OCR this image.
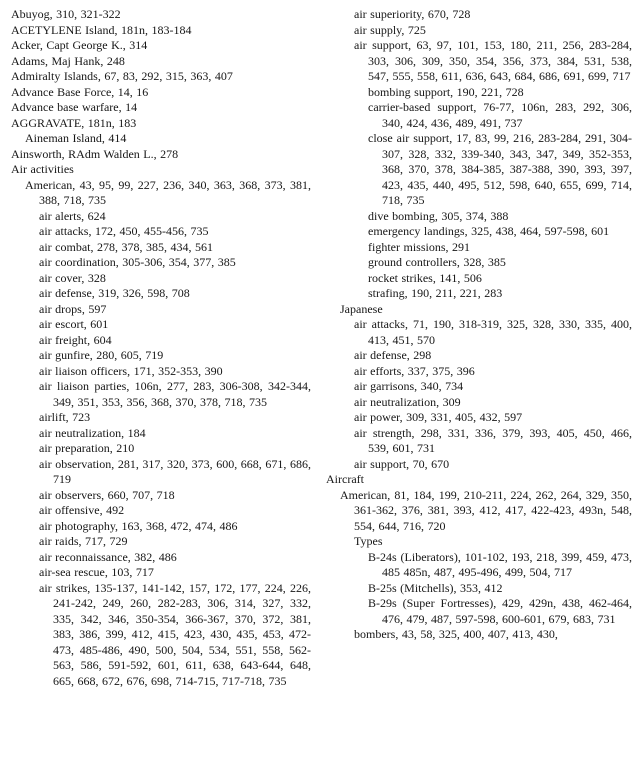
Abuyog, 310, 321-322
ACETYLENE Island, 181n, 183-184
Acker, Capt George K., 314
Adams, Maj Hank, 248
Admiralty Islands, 67, 83, 292, 315, 363, 407
Advance Base Force, 14, 16
Advance base warfare, 14
AGGRAVATE, 181n, 183
Aineman Island, 414
Ainsworth, RAdm Walden L., 278
Air activities
American, 43, 95, 99, 227, 236, 340, 363, 368, 373, 381, 388, 718, 735
air alerts, 624
air attacks, 172, 450, 455-456, 735
air combat, 278, 378, 385, 434, 561
air coordination, 305-306, 354, 377, 385
air cover, 328
air defense, 319, 326, 598, 708
air drops, 597
air escort, 601
air freight, 604
air gunfire, 280, 605, 719
air liaison officers, 171, 352-353, 390
air liaison parties, 106n, 277, 283, 306-308, 342-344, 349, 351, 353, 356, 368, 370, 378, 718, 735
airlift, 723
air neutralization, 184
air preparation, 210
air observation, 281, 317, 320, 373, 600, 668, 671, 686, 719
air observers, 660, 707, 718
air offensive, 492
air photography, 163, 368, 472, 474, 486
air raids, 717, 729
air reconnaissance, 382, 486
air-sea rescue, 103, 717
air strikes, 135-137, 141-142, 157, 172, 177, 224, 226, 241-242, 249, 260, 282-283, 306, 314, 327, 332, 335, 342, 346, 350-354, 366-367, 370, 372, 381, 383, 386, 399, 412, 415, 423, 430, 435, 453, 472-473, 485-486, 490, 500, 504, 534, 551, 558, 562-563, 586, 591-592, 601, 611, 638, 643-644, 648, 665, 668, 672, 676, 698, 714-715, 717-718, 735
air superiority, 670, 728
air supply, 725
air support, 63, 97, 101, 153, 180, 211, 256, 283-284, 303, 306, 309, 350, 354, 356, 373, 384, 531, 538, 547, 555, 558, 611, 636, 643, 684, 686, 691, 699, 717
bombing support, 190, 221, 728
carrier-based support, 76-77, 106n, 283, 292, 306, 340, 424, 436, 489, 491, 737
close air support, 17, 83, 99, 216, 283-284, 291, 304-307, 328, 332, 339-340, 343, 347, 349, 352-353, 368, 370, 378, 384-385, 387-388, 390, 393, 397, 423, 435, 440, 495, 512, 598, 640, 655, 699, 714, 718, 735
dive bombing, 305, 374, 388
emergency landings, 325, 438, 464, 597-598, 601
fighter missions, 291
ground controllers, 328, 385
rocket strikes, 141, 506
strafing, 190, 211, 221, 283
Japanese
air attacks, 71, 190, 318-319, 325, 328, 330, 335, 400, 413, 451, 570
air defense, 298
air efforts, 337, 375, 396
air garrisons, 340, 734
air neutralization, 309
air power, 309, 331, 405, 432, 597
air strength, 298, 331, 336, 379, 393, 405, 450, 466, 539, 601, 731
air support, 70, 670
Aircraft
American, 81, 184, 199, 210-211, 224, 262, 264, 329, 350, 361-362, 376, 381, 393, 412, 417, 422-423, 493n, 548, 554, 644, 716, 720
Types
B-24s (Liberators), 101-102, 193, 218, 399, 459, 473, 485 485n, 487, 495-496, 499, 504, 717
B-25s (Mitchells), 353, 412
B-29s (Super Fortresses), 429, 429n, 438, 462-464, 476, 479, 487, 597-598, 600-601, 679, 683, 731
bombers, 43, 58, 325, 400, 407, 413, 430,
